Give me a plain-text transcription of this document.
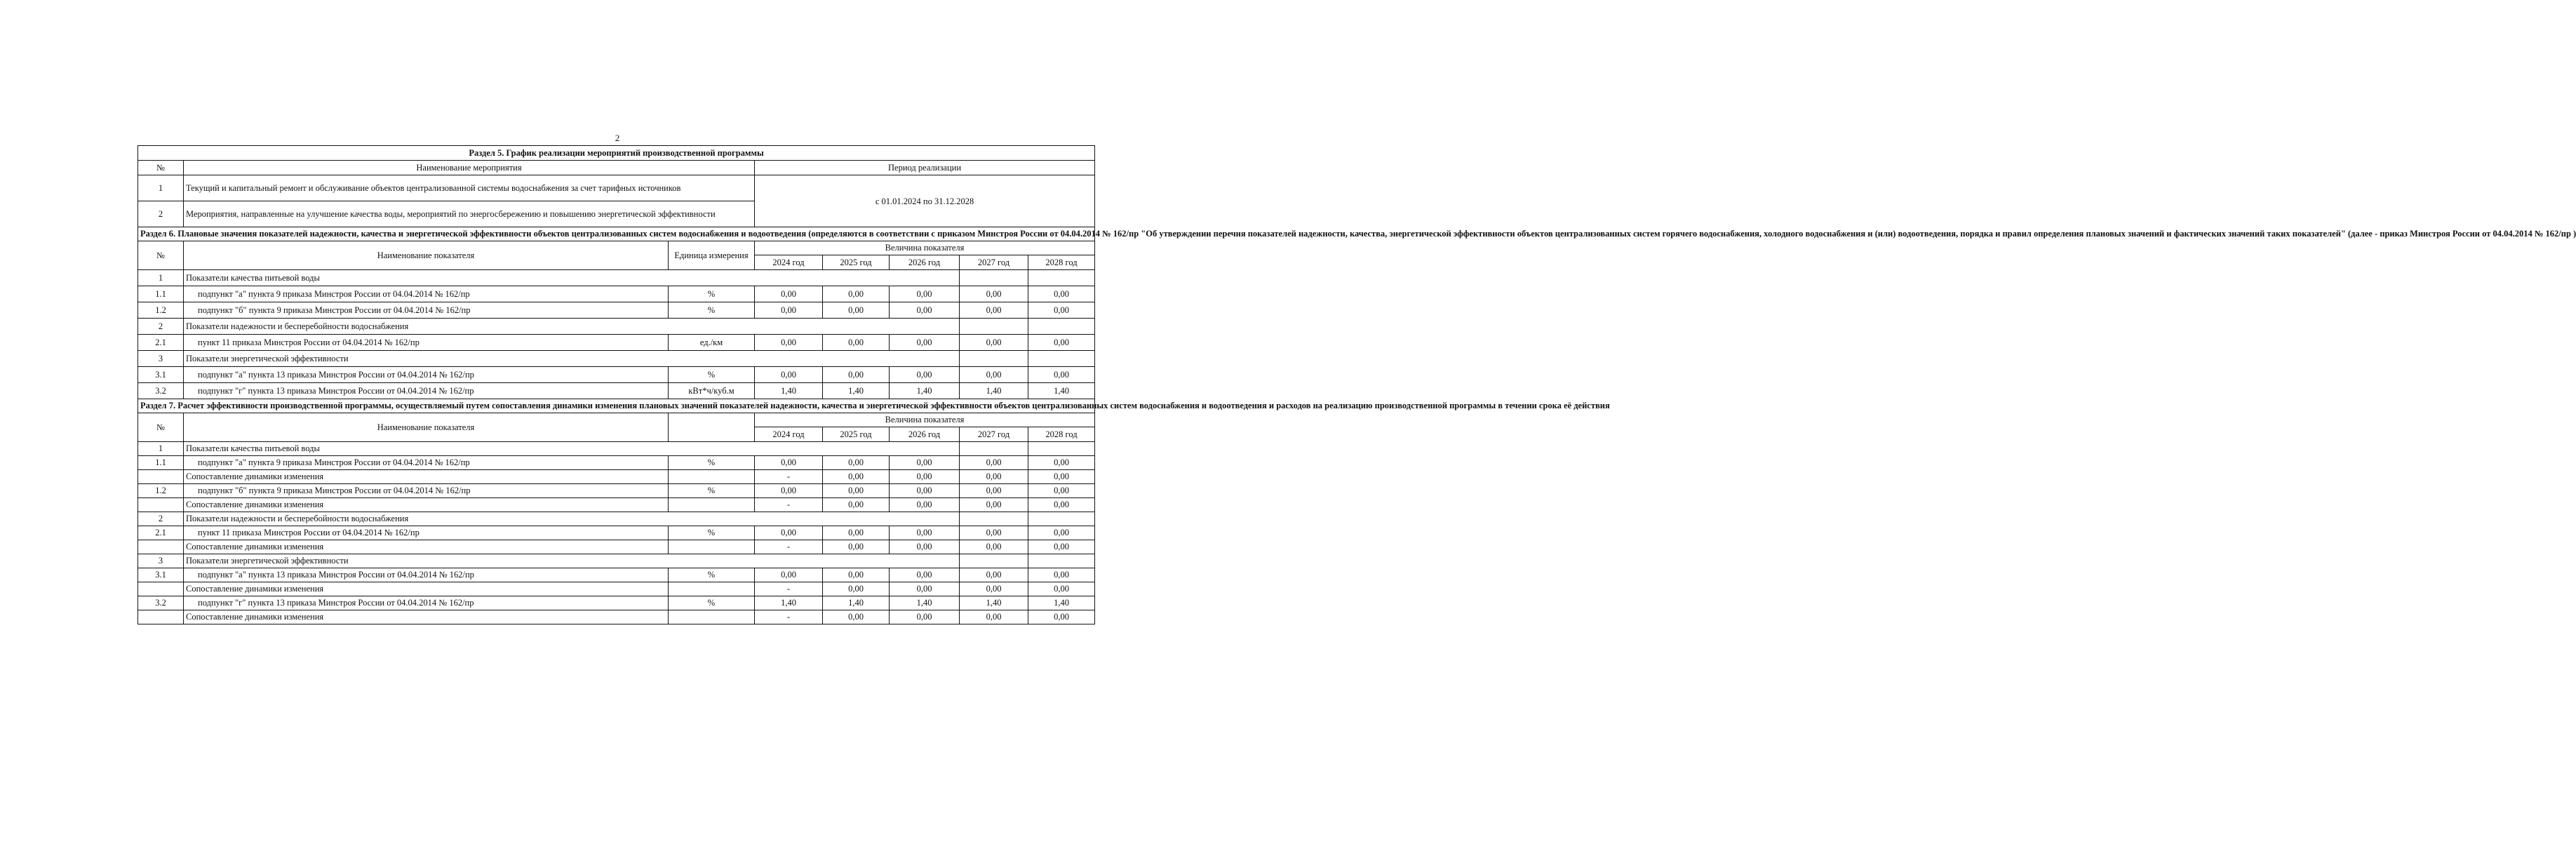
2
Раздел 5. График реализации мероприятий производственной программы							
№	Наименование мероприятия		Период реализации				
1	Текущий и капитальный ремонт и обслуживание объектов централизованной системы водоснабжения за счет тарифных источников		с 01.01.2024 по 31.12.2028				
2	Мероприятия, направленные на улучшение качества воды, мероприятий по энергосбережению и повышению энергетической эффективности						
Раздел 6. Плановые значения показателей надежности, качества и энергетической эффективности объектов централизованных систем водоснабжения и водоотведения (определяются в соответствии с приказом Минстроя России от 04.04.2014 № 162/пр "Об утверждении перечня показателей надежности, качества, энергетической эффективности объектов централизованных систем горячего водоснабжения, холодного водоснабжения и (или) водоотведения, порядка и правил определения плановых значений и фактических значений таких показателей" (далее - приказ Минстроя России от 04.04.2014 № 162/пр )							
№	Наименование показателя	Единица измерения	Величина показателя				
			2024 год	2025 год	2026 год	2027 год	2028 год
1	Показатели качества питьевой воды						
1.1	подпункт "а" пункта 9 приказа Минстроя России от 04.04.2014 № 162/пр	%	0,00	0,00	0,00	0,00	0,00
1.2	подпункт "б" пункта 9 приказа Минстроя России от 04.04.2014 № 162/пр	%	0,00	0,00	0,00	0,00	0,00
2	Показатели надежности и бесперебойности водоснабжения						
2.1	пункт 11 приказа Минстроя России от 04.04.2014 № 162/пр	ед./км	0,00	0,00	0,00	0,00	0,00
3	Показатели энергетической эффективности						
3.1	подпункт "а" пункта 13 приказа Минстроя России от 04.04.2014 № 162/пр	%	0,00	0,00	0,00	0,00	0,00
3.2	подпункт "г" пункта 13 приказа Минстроя России от 04.04.2014 № 162/пр	кВт*ч/куб.м	1,40	1,40	1,40	1,40	1,40
Раздел 7. Расчет эффективности производственной программы, осуществляемый путем сопоставления динамики изменения плановых значений показателей надежности, качества и энергетической эффективности объектов централизованных систем водоснабжения и водоотведения и расходов на реализацию производственной программы в течении срока её действия							
№	Наименование показателя		Величина показателя				
			2024 год	2025 год	2026 год	2027 год	2028 год
1	Показатели качества питьевой воды						
1.1	подпункт "а" пункта 9 приказа Минстроя России от 04.04.2014 № 162/пр	%	0,00	0,00	0,00	0,00	0,00
	Сопоставление динамики изменения		-	0,00	0,00	0,00	0,00
1.2	подпункт "б" пункта 9 приказа Минстроя России от 04.04.2014 № 162/пр	%	0,00	0,00	0,00	0,00	0,00
	Сопоставление динамики изменения		-	0,00	0,00	0,00	0,00
2	Показатели надежности и бесперебойности водоснабжения						
2.1	пункт 11 приказа Минстроя России от 04.04.2014 № 162/пр	%	0,00	0,00	0,00	0,00	0,00
	Сопоставление динамики изменения		-	0,00	0,00	0,00	0,00
3	Показатели энергетической эффективности						
3.1	подпункт "а" пункта 13 приказа Минстроя России от 04.04.2014 № 162/пр	%	0,00	0,00	0,00	0,00	0,00
	Сопоставление динамики изменения		-	0,00	0,00	0,00	0,00
3.2	подпункт "г" пункта 13 приказа Минстроя России от 04.04.2014 № 162/пр	%	1,40	1,40	1,40	1,40	1,40
	Сопоставление динамики изменения		-	0,00	0,00	0,00	0,00
